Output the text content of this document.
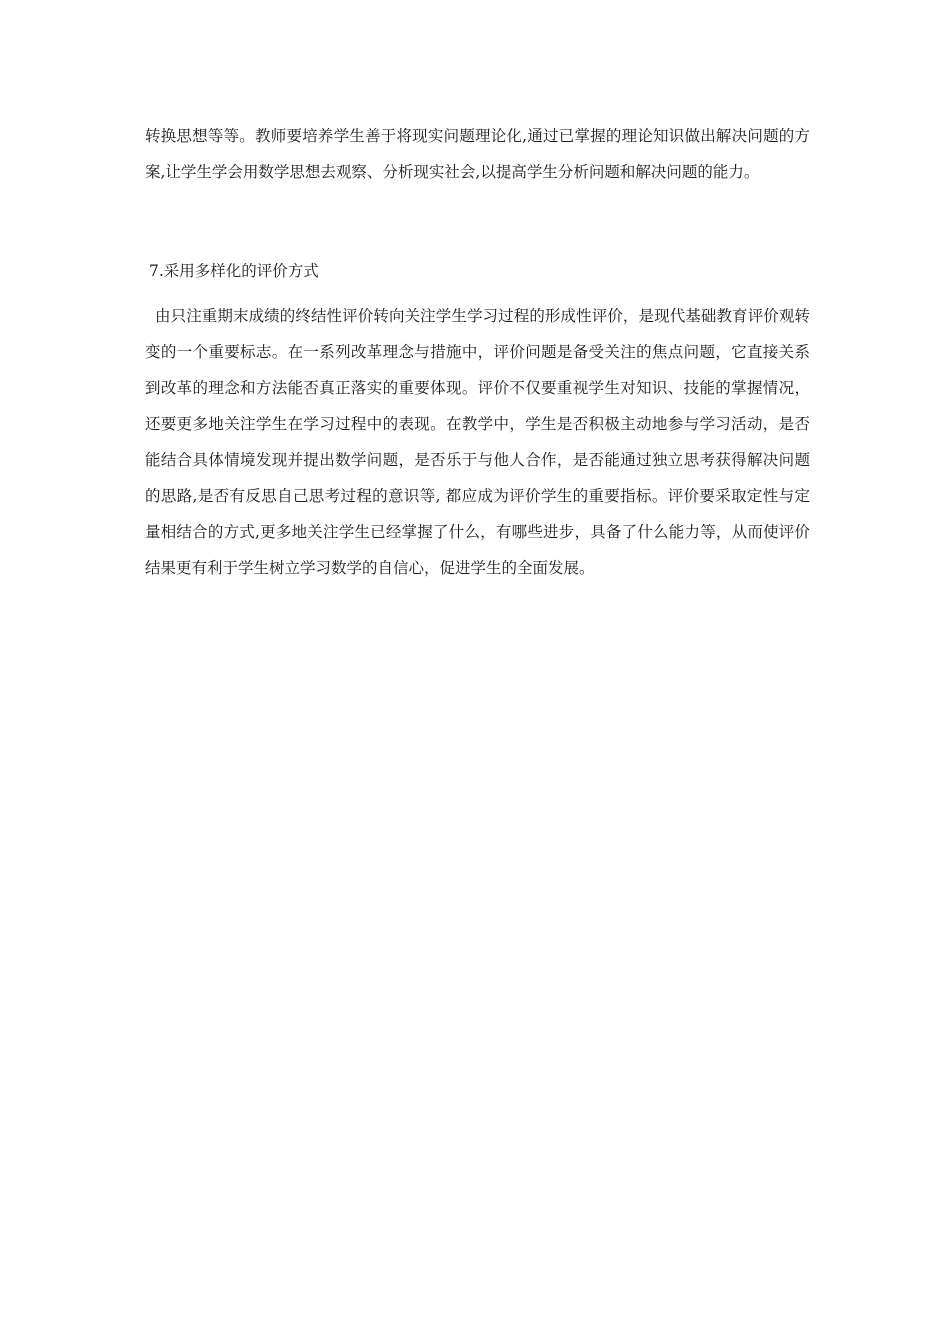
转换思想等等。教师要培养学生善于将现实问题理论化,通过已掌握的理论知识做出解决问题的方案,让学生学会用数学思想去观察、分析现实社会,以提高学生分析问题和解决问题的能力。

7.采用多样化的评价方式

由只注重期末成绩的终结性评价转向关注学生学习过程的形成性评价，是现代基础教育评价观转变的一个重要标志。在一系列改革理念与措施中，评价问题是备受关注的焦点问题，它直接关系到改革的理念和方法能否真正落实的重要体现。评价不仅要重视学生对知识、技能的掌握情况，还要更多地关注学生在学习过程中的表现。在教学中，学生是否积极主动地参与学习活动，是否能结合具体情境发现并提出数学问题，是否乐于与他人合作，是否能通过独立思考获得解决问题的思路,是否有反思自己思考过程的意识等, 都应成为评价学生的重要指标。评价要采取定性与定量相结合的方式,更多地关注学生已经掌握了什么，有哪些进步，具备了什么能力等，从而使评价结果更有利于学生树立学习数学的自信心，促进学生的全面发展。
